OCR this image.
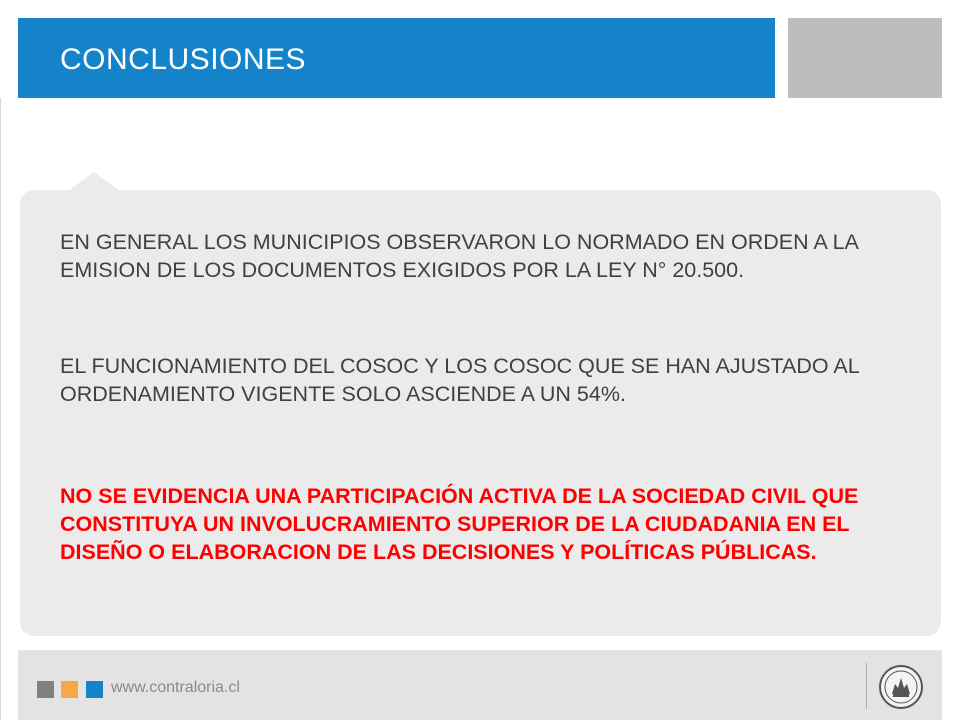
CONCLUSIONES
EN GENERAL LOS MUNICIPIOS OBSERVARON LO NORMADO EN ORDEN A LA EMISION DE LOS DOCUMENTOS EXIGIDOS POR LA LEY N° 20.500.
EL FUNCIONAMIENTO DEL COSOC Y LOS COSOC QUE SE HAN AJUSTADO AL ORDENAMIENTO VIGENTE SOLO ASCIENDE A UN 54%.
NO SE EVIDENCIA UNA PARTICIPACIÓN ACTIVA DE LA SOCIEDAD CIVIL QUE CONSTITUYA UN INVOLUCRAMIENTO SUPERIOR DE LA CIUDADANIA EN EL DISEÑO O ELABORACION DE LAS DECISIONES Y POLÍTICAS PÚBLICAS.
www.contraloria.cl
